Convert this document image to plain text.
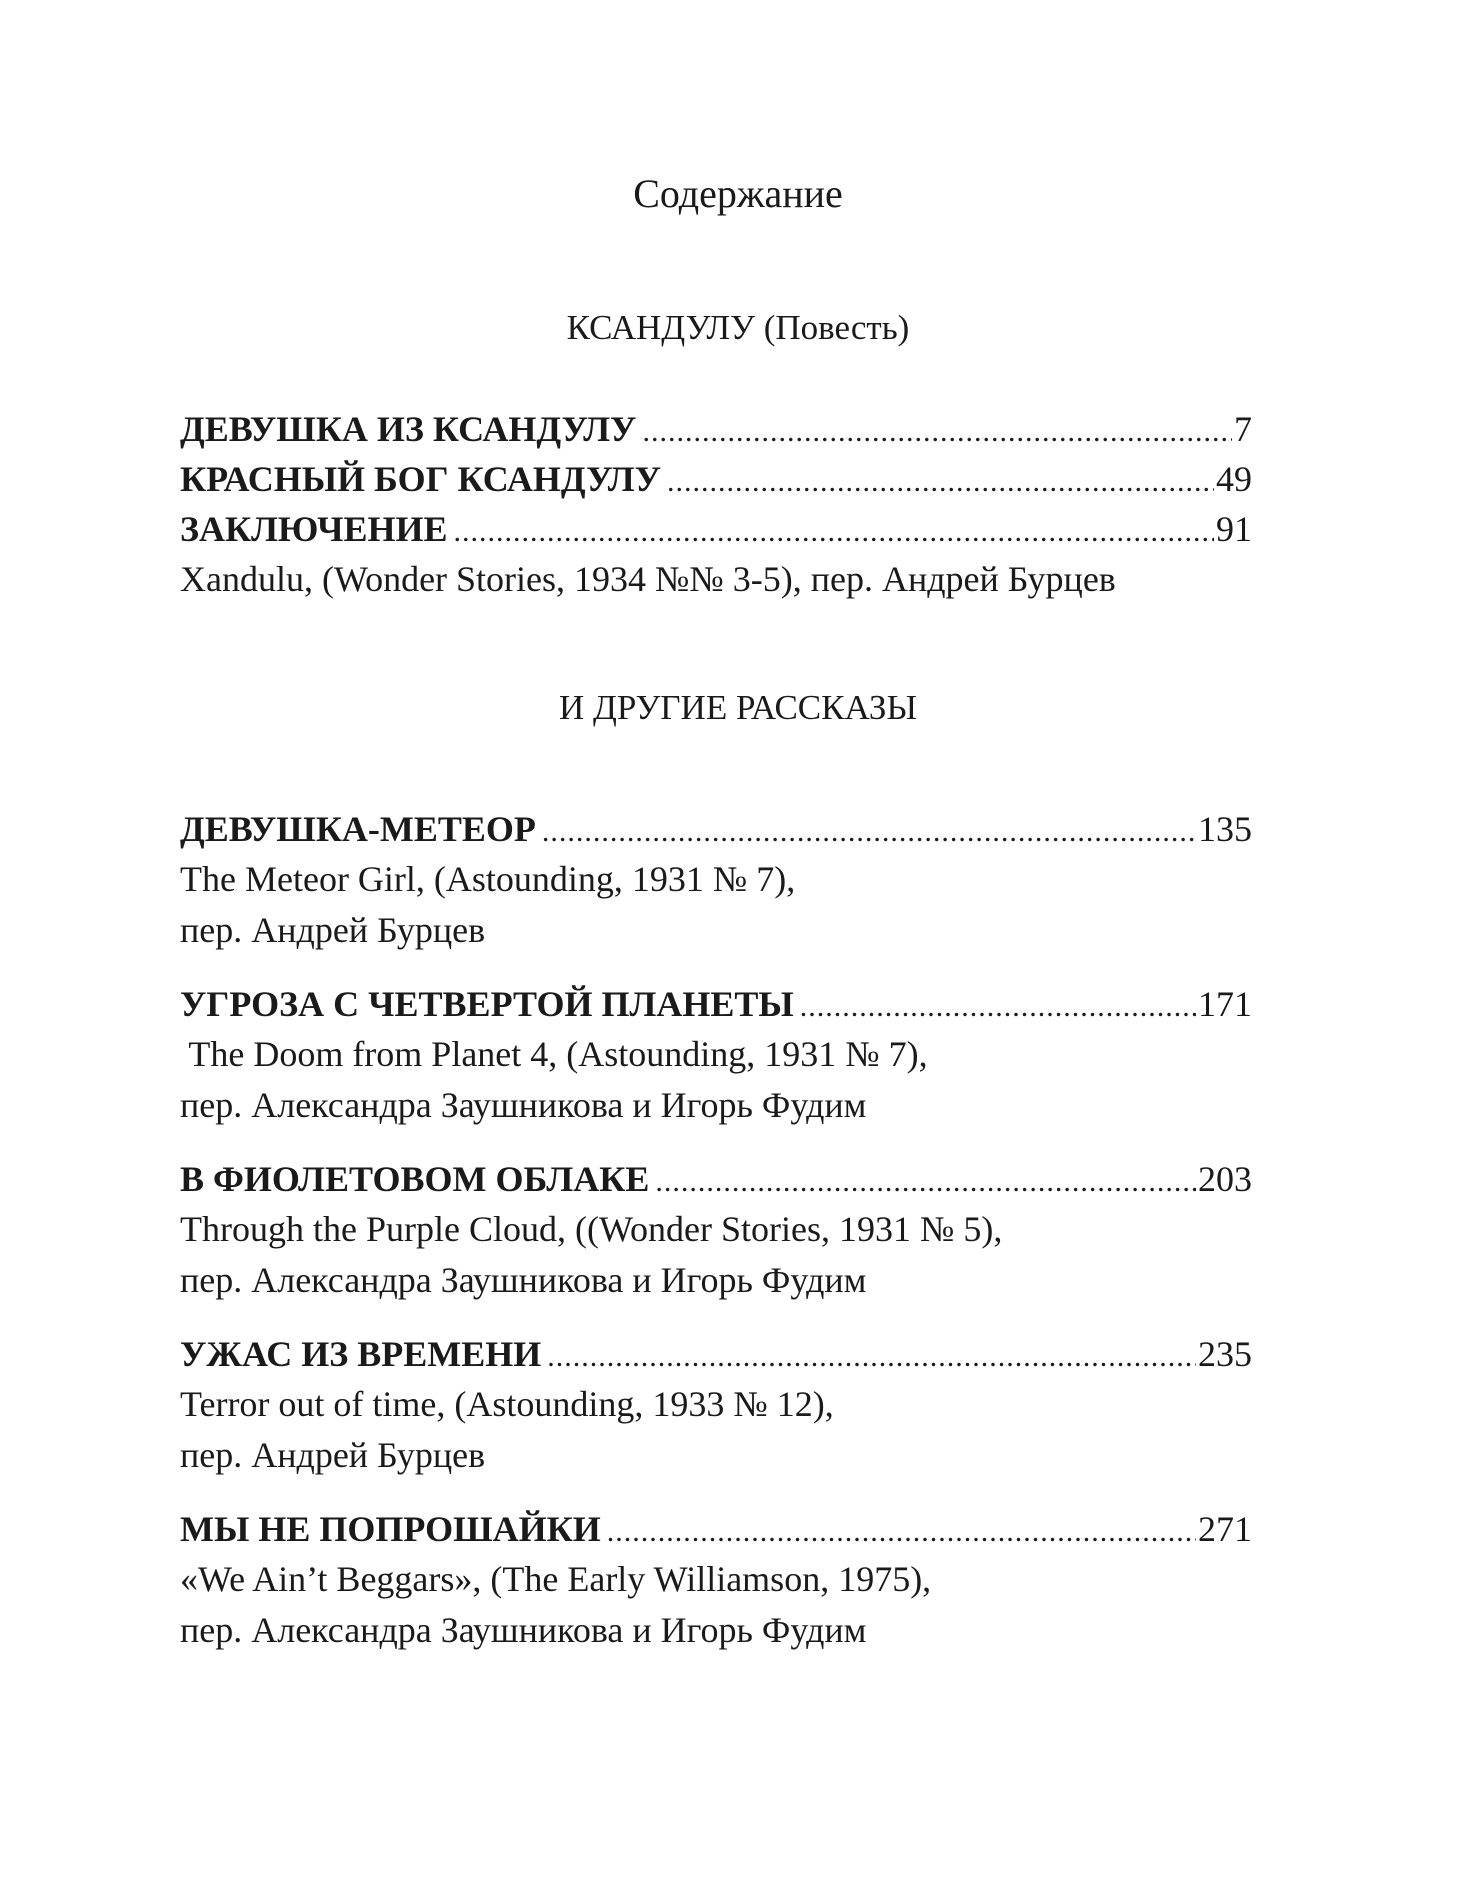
Содержание
КСАНДУЛУ (Повесть)
ДЕВУШКА ИЗ КСАНДУЛУ .....	7
КРАСНЫЙ БОГ КСАНДУЛУ .....	49
ЗАКЛЮЧЕНИЕ .....	91
Xandulu, (Wonder Stories, 1934 №№ 3-5), пер. Андрей Бурцев
И ДРУГИЕ РАССКАЗЫ
ДЕВУШКА-МЕТЕОР .....	135
The Meteor Girl, (Astounding, 1931 № 7),
пер. Андрей Бурцев
УГРОЗА С ЧЕТВЕРТОЙ ПЛАНЕТЫ .....	171
The Doom from Planet 4, (Astounding, 1931 № 7),
пер. Александра Заушникова и Игорь Фудим
В ФИОЛЕТОВОМ ОБЛАКЕ .....	203
Through the Purple Cloud, ((Wonder Stories, 1931 № 5),
пер. Александра Заушникова и Игорь Фудим
УЖАС ИЗ ВРЕМЕНИ .....	235
Terror out of time, (Astounding, 1933 № 12),
пер. Андрей Бурцев
МЫ НЕ ПОПРОШАЙКИ .....	271
«We Ain’t Beggars», (The Early Williamson, 1975),
пер. Александра Заушникова и Игорь Фудим
